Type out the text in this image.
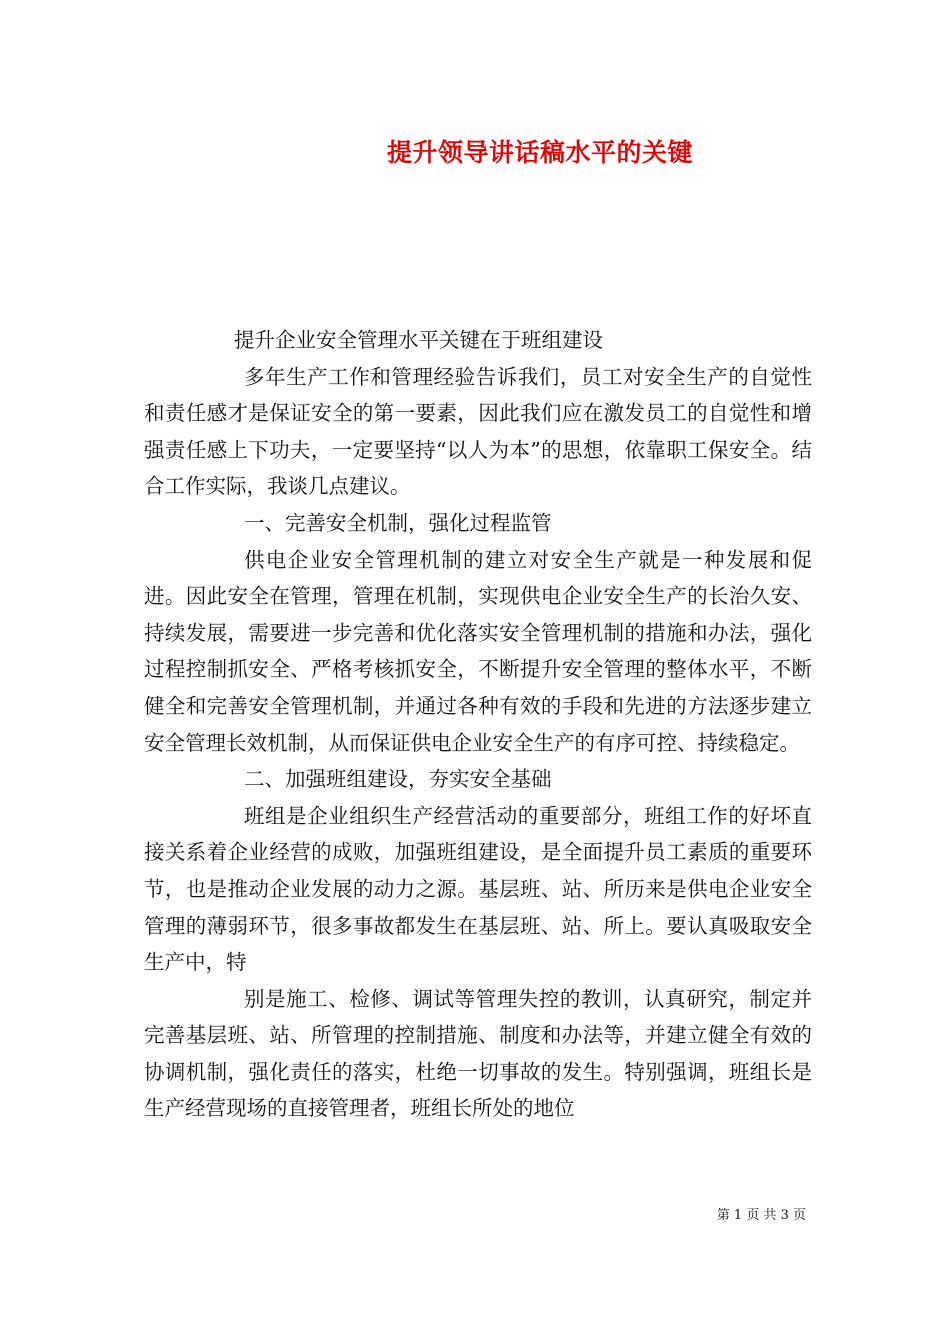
提升领导讲话稿水平的关键

提升企业安全管理水平关键在于班组建设

多年生产工作和管理经验告诉我们，员工对安全生产的自觉性和责任感才是保证安全的第一要素，因此我们应在激发员工的自觉性和增强责任感上下功夫，一定要坚持“以人为本”的思想，依靠职工保安全。结合工作实际，我谈几点建议。

一、完善安全机制，强化过程监管

供电企业安全管理机制的建立对安全生产就是一种发展和促进。因此安全在管理，管理在机制，实现供电企业安全生产的长治久安、持续发展，需要进一步完善和优化落实安全管理机制的措施和办法，强化过程控制抓安全、严格考核抓安全，不断提升安全管理的整体水平，不断健全和完善安全管理机制，并通过各种有效的手段和先进的方法逐步建立安全管理长效机制，从而保证供电企业安全生产的有序可控、持续稳定。

二、加强班组建设，夯实安全基础

班组是企业组织生产经营活动的重要部分，班组工作的好坏直接关系着企业经营的成败，加强班组建设，是全面提升员工素质的重要环节，也是推动企业发展的动力之源。基层班、站、所历来是供电企业安全管理的薄弱环节，很多事故都发生在基层班、站、所上。要认真吸取安全生产中，特

别是施工、检修、调试等管理失控的教训，认真研究，制定并完善基层班、站、所管理的控制措施、制度和办法等，并建立健全有效的协调机制，强化责任的落实，杜绝一切事故的发生。特别强调，班组长是生产经营现场的直接管理者，班组长所处的地位

第 1 页 共 3 页
